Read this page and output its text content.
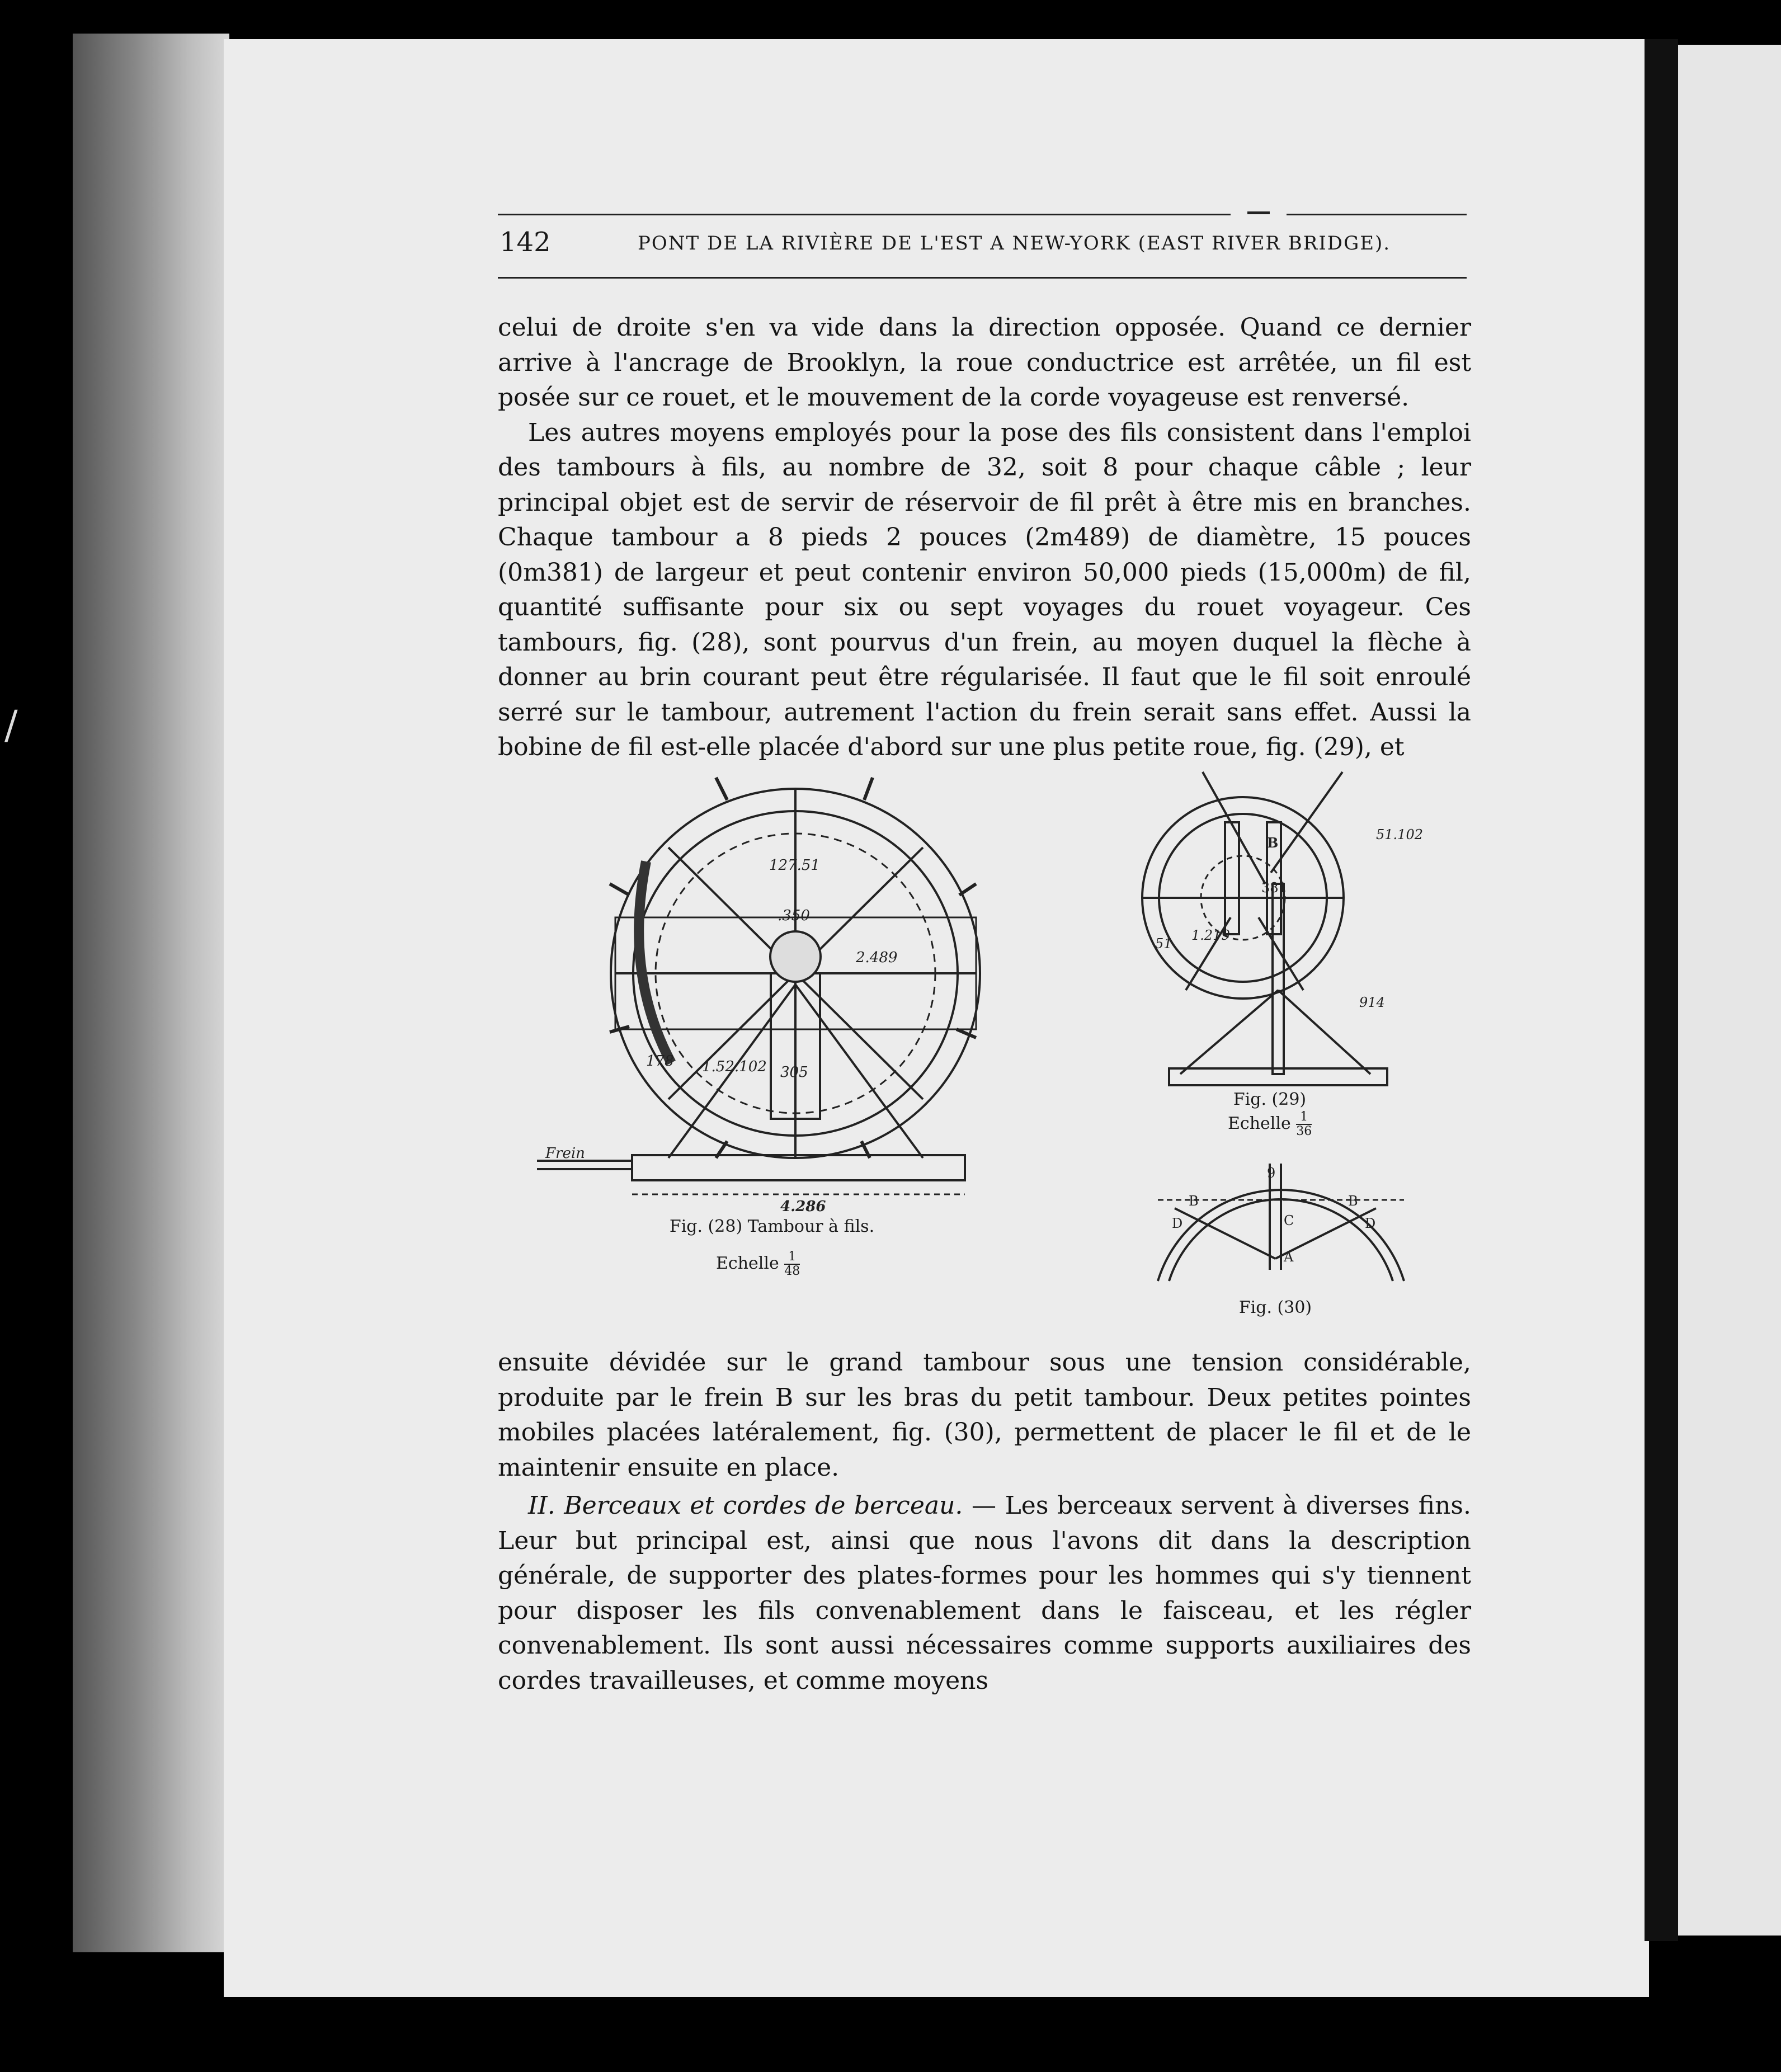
142	PONT DE LA RIVIÈRE DE L'EST A NEW-YORK (EAST RIVER BRIDGE).

celui de droite s'en va vide dans la direction opposée. Quand ce dernier arrive à l'ancrage de Brooklyn, la roue conductrice est arrêtée, un fil est posée sur ce rouet, et le mouvement de la corde voyageuse est renversé.

Les autres moyens employés pour la pose des fils consistent dans l'emploi des tambours à fils, au nombre de 32, soit 8 pour chaque câble ; leur principal objet est de servir de réservoir de fil prêt à être mis en branches. Chaque tambour a 8 pieds 2 pouces (2m489) de diamètre, 15 pouces (0m381) de largeur et peut contenir environ 50,000 pieds (15,000m) de fil, quantité suffisante pour six ou sept voyages du rouet voyageur. Ces tambours, fig. (28), sont pourvus d'un frein, au moyen duquel la flèche à donner au brin courant peut être régularisée. Il faut que le fil soit enroulé serré sur le tambour, autrement l'action du frein serait sans effet. Aussi la bobine de fil est-elle placée d'abord sur une plus petite roue, fig. (29), et

127.51
.350
2.489
1.52.102 305
Frein
4.286
178
B
381
1.219
51.102
51
914
B	B
D	D
C
A
9
Fig. (28) Tambour à fils.
Echelle $\frac{1}{48}$
Fig. (29)
Echelle $\frac{1}{36}$
Fig. (30)

ensuite dévidée sur le grand tambour sous une tension considérable, produite par le frein B sur les bras du petit tambour. Deux petites pointes mobiles placées latéralement, fig. (30), permettent de placer le fil et de le maintenir ensuite en place.

II. Berceaux et cordes de berceau. — Les berceaux servent à diverses fins. Leur but principal est, ainsi que nous l'avons dit dans la description générale, de supporter des plates-formes pour les hommes qui s'y tiennent pour disposer les fils convenablement dans le faisceau, et les régler convenablement. Ils sont aussi nécessaires comme supports auxiliaires des cordes travailleuses, et comme moyens

/
